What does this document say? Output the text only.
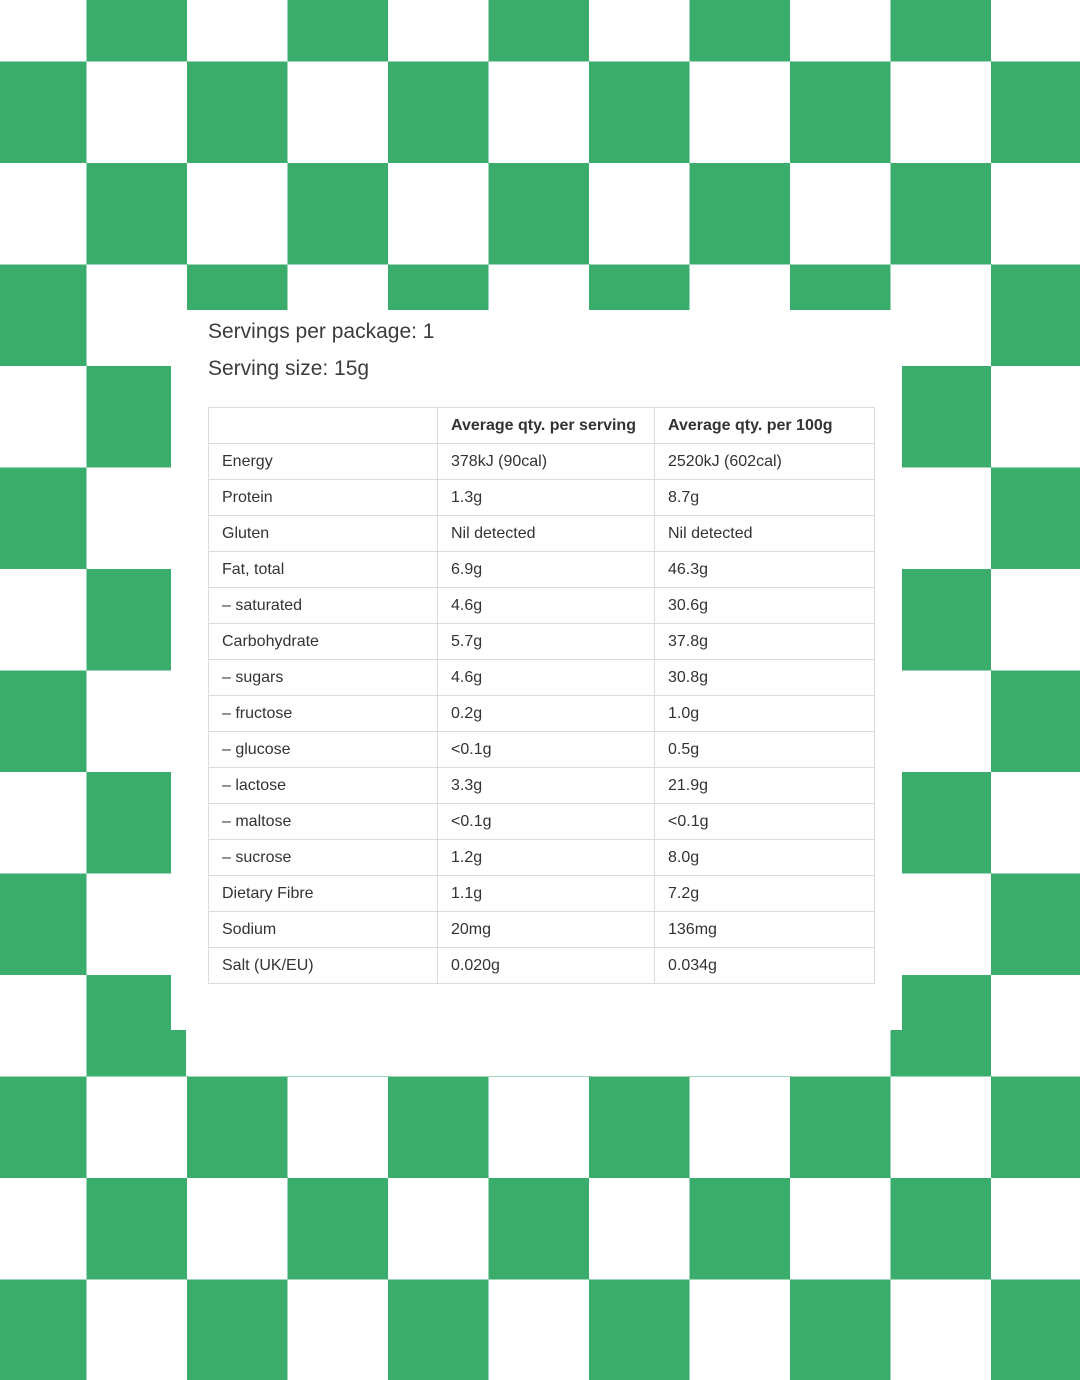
Servings per package: 1

Serving size: 15g

	Average qty. per serving	Average qty. per 100g
Energy	378kJ (90cal)	2520kJ (602cal)
Protein	1.3g	8.7g
Gluten	Nil detected	Nil detected
Fat, total	6.9g	46.3g
– saturated	4.6g	30.6g
Carbohydrate	5.7g	37.8g
– sugars	4.6g	30.8g
– fructose	0.2g	1.0g
– glucose	<0.1g	0.5g
– lactose	3.3g	21.9g
– maltose	<0.1g	<0.1g
– sucrose	1.2g	8.0g
Dietary Fibre	1.1g	7.2g
Sodium	20mg	136mg
Salt (UK/EU)	0.020g	0.034g
